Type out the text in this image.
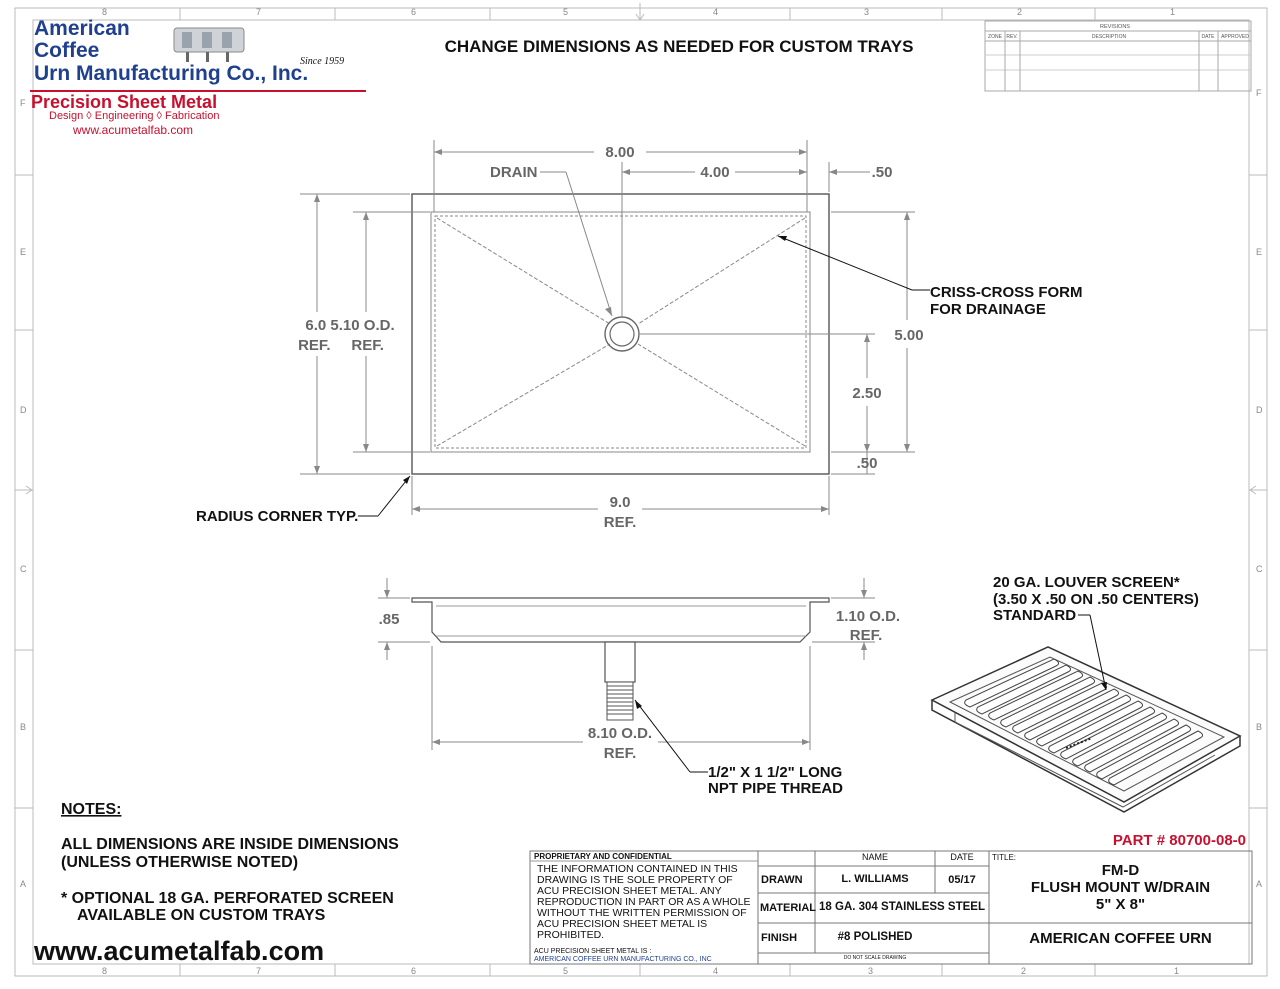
8	7	6	5	4	3	2	1
8	7	6	5	4	3	2	1
F
E
D
C
B
A
F
E
D
C
B
A
REVISIONS
ZONE REV.	DESCRIPTION	DATE APPROVED
CHANGE DIMENSIONS AS NEEDED FOR CUSTOM TRAYS
8.00
4.00	.50
DRAIN
6.0 5.10 O.D.
REF.     REF.
5.00
2.50
.50
9.0
REF.
CRISS-CROSS FORM
FOR DRAINAGE
RADIUS CORNER TYP.
.85	1.10 O.D.
REF.
8.10 O.D.
REF.
1/2" X 1 1/2" LONG
NPT PIPE THREAD
20 GA. LOUVER SCREEN*
(3.50 X .50 ON .50 CENTERS)
STANDARD
NOTES:
ALL DIMENSIONS ARE INSIDE DIMENSIONS
(UNLESS OTHERWISE NOTED)
* OPTIONAL 18 GA. PERFORATED SCREEN
AVAILABLE ON CUSTOM TRAYS
www.acumetalfab.com
PART # 80700-08-0
American
Coffee
Urn Manufacturing Co., Inc.
Since 1959
Precision Sheet Metal
Design ◊ Engineering ◊ Fabrication
www.acumetalfab.com
PROPRIETARY AND CONFIDENTIAL
THE INFORMATION CONTAINED IN THIS DRAWING IS THE SOLE PROPERTY OF ACU PRECISION SHEET METAL. ANY REPRODUCTION IN PART OR AS A WHOLE WITHOUT THE WRITTEN PERMISSION OF ACU PRECISION SHEET METAL IS PROHIBITED.
ACU PRECISION SHEET METAL IS :
AMERICAN COFFEE URN MANUFACTURING CO., INC
NAME	DATE
DRAWN	L. WILLIAMS	05/17
MATERIAL 18 GA. 304 STAINLESS STEEL
FINISH	#8 POLISHED
DO NOT SCALE DRAWING
TITLE:
FM-D
FLUSH MOUNT W/DRAIN
5" X 8"
AMERICAN COFFEE URN
